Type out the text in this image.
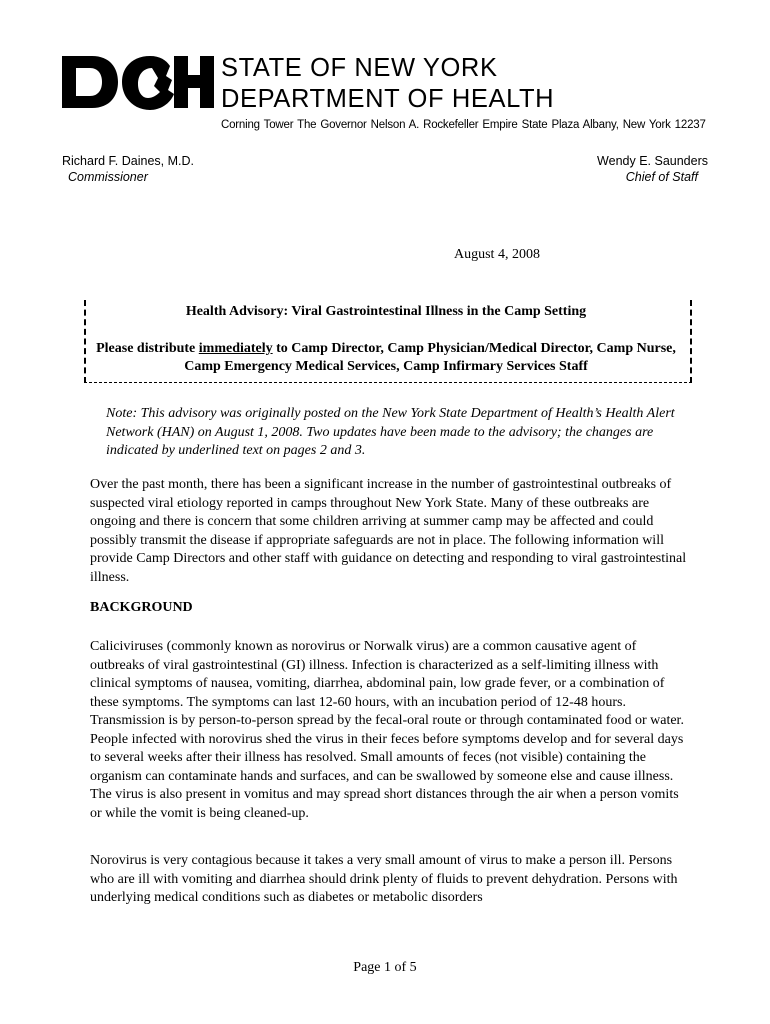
STATE OF NEW YORK
DEPARTMENT OF HEALTH
Corning Tower The Governor Nelson A. Rockefeller Empire State Plaza Albany, New York 12237
Richard F. Daines, M.D.
Commissioner
Wendy E. Saunders
Chief of Staff
August 4, 2008
Health Advisory: Viral Gastrointestinal Illness in the Camp Setting
Please distribute immediately to Camp Director, Camp Physician/Medical Director, Camp Nurse, Camp Emergency Medical Services, Camp Infirmary Services Staff
Note: This advisory was originally posted on the New York State Department of Health’s Health Alert Network (HAN) on August 1, 2008. Two updates have been made to the advisory; the changes are indicated by underlined text on pages 2 and 3.
Over the past month, there has been a significant increase in the number of gastrointestinal outbreaks of suspected viral etiology reported in camps throughout New York State. Many of these outbreaks are ongoing and there is concern that some children arriving at summer camp may be affected and could possibly transmit the disease if appropriate safeguards are not in place. The following information will provide Camp Directors and other staff with guidance on detecting and responding to viral gastrointestinal illness.
BACKGROUND
Caliciviruses (commonly known as norovirus or Norwalk virus) are a common causative agent of outbreaks of viral gastrointestinal (GI) illness. Infection is characterized as a self-limiting illness with clinical symptoms of nausea, vomiting, diarrhea, abdominal pain, low grade fever, or a combination of these symptoms. The symptoms can last 12-60 hours, with an incubation period of 12-48 hours. Transmission is by person-to-person spread by the fecal-oral route or through contaminated food or water. People infected with norovirus shed the virus in their feces before symptoms develop and for several days to several weeks after their illness has resolved. Small amounts of feces (not visible) containing the organism can contaminate hands and surfaces, and can be swallowed by someone else and cause illness. The virus is also present in vomitus and may spread short distances through the air when a person vomits or while the vomit is being cleaned-up.
Norovirus is very contagious because it takes a very small amount of virus to make a person ill. Persons who are ill with vomiting and diarrhea should drink plenty of fluids to prevent dehydration. Persons with underlying medical conditions such as diabetes or metabolic disorders
Page 1 of 5
